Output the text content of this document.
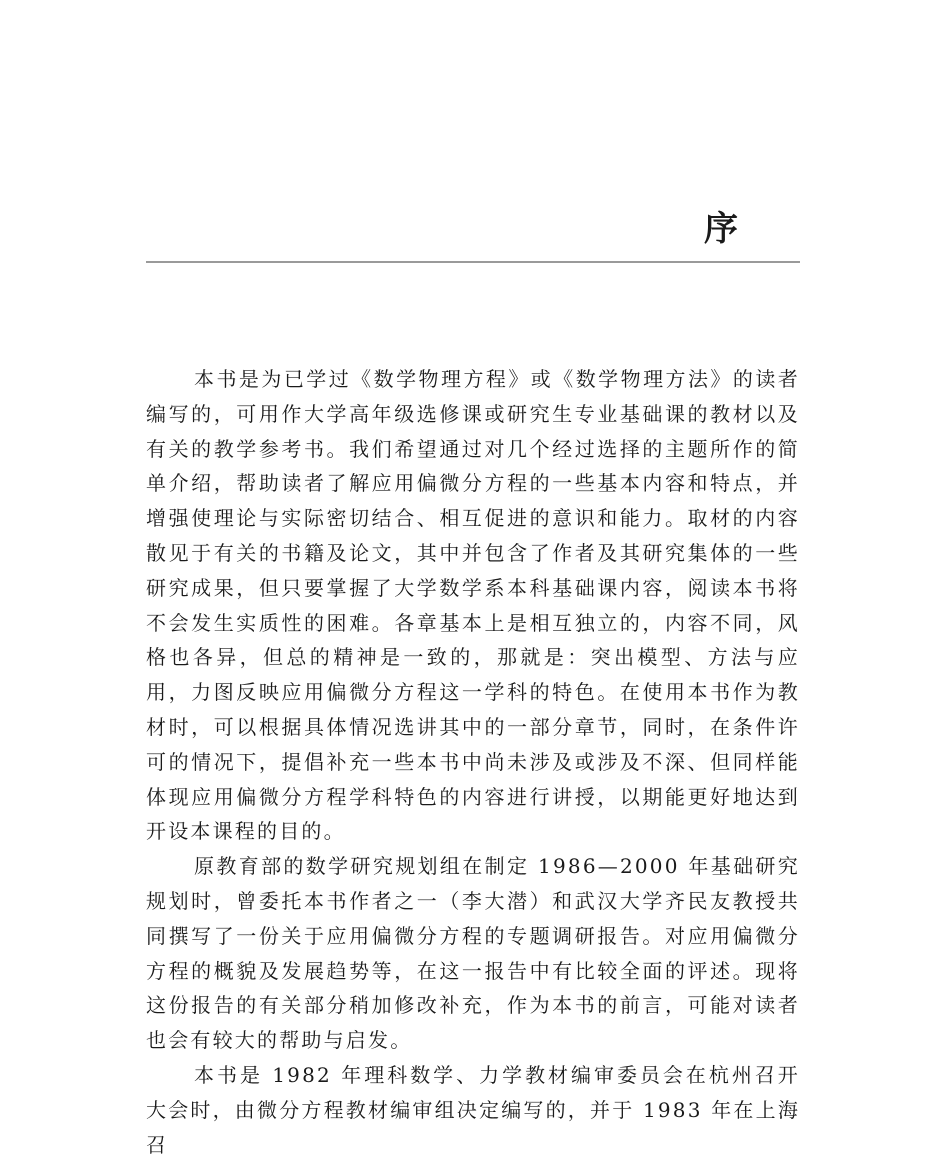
序

本书是为已学过《数学物理方程》或《数学物理方法》的读者编写的，可用作大学高年级选修课或研究生专业基础课的教材以及有关的教学参考书。我们希望通过对几个经过选择的主题所作的简单介绍，帮助读者了解应用偏微分方程的一些基本内容和特点，并增强使理论与实际密切结合、相互促进的意识和能力。取材的内容散见于有关的书籍及论文，其中并包含了作者及其研究集体的一些研究成果，但只要掌握了大学数学系本科基础课内容，阅读本书将不会发生实质性的困难。各章基本上是相互独立的，内容不同，风格也各异，但总的精神是一致的，那就是：突出模型、方法与应用，力图反映应用偏微分方程这一学科的特色。在使用本书作为教材时，可以根据具体情况选讲其中的一部分章节，同时，在条件许可的情况下，提倡补充一些本书中尚未涉及或涉及不深、但同样能体现应用偏微分方程学科特色的内容进行讲授，以期能更好地达到开设本课程的目的。

原教育部的数学研究规划组在制定 1986—2000 年基础研究规划时，曾委托本书作者之一（李大潜）和武汉大学齐民友教授共同撰写了一份关于应用偏微分方程的专题调研报告。对应用偏微分方程的概貌及发展趋势等，在这一报告中有比较全面的评述。现将这份报告的有关部分稍加修改补充，作为本书的前言，可能对读者也会有较大的帮助与启发。

本书是 1982 年理科数学、力学教材编审委员会在杭州召开大会时，由微分方程教材编审组决定编写的，并于 1983 年在上海召
